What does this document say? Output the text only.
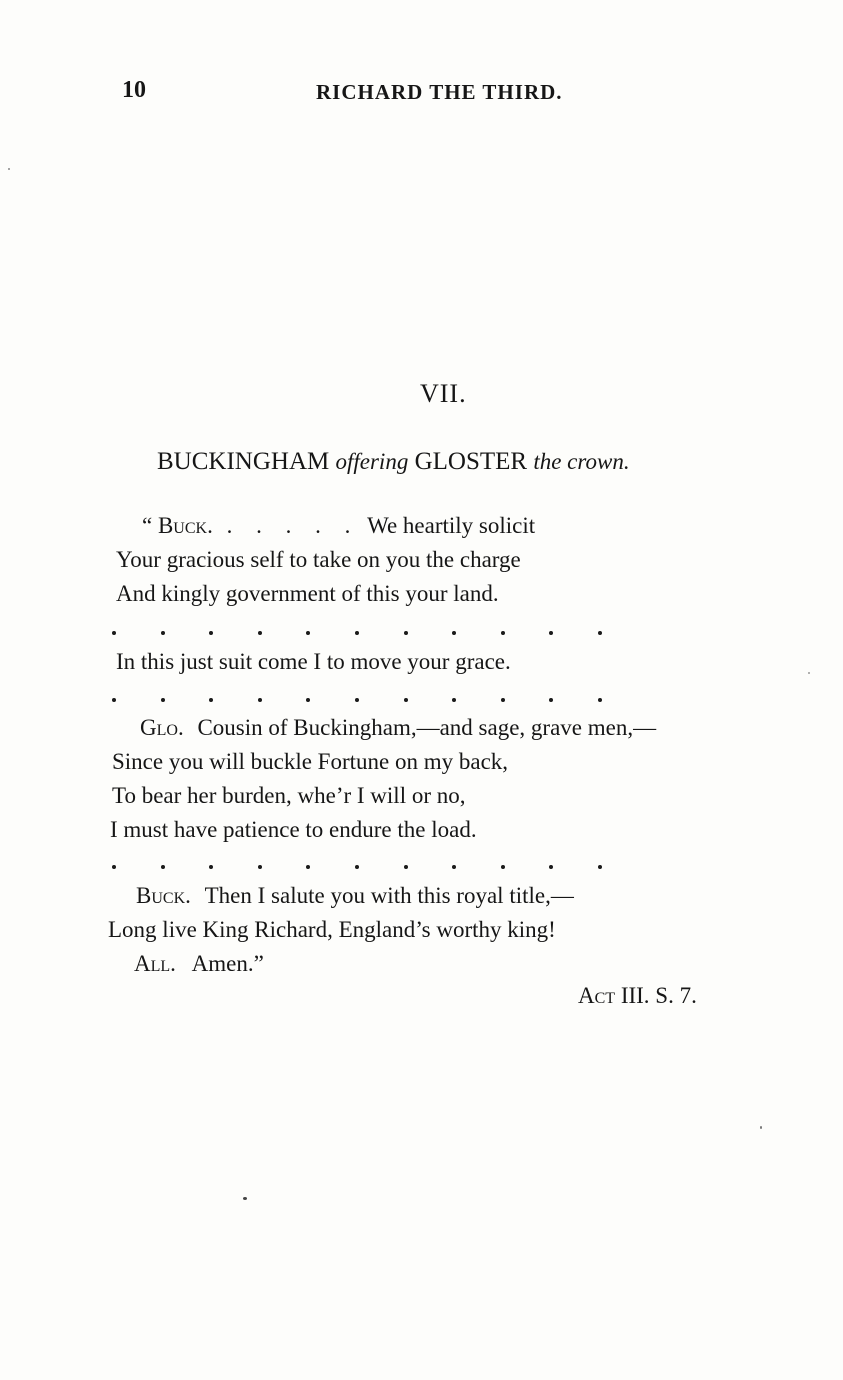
10	RICHARD THE THIRD.
VII.
BUCKINGHAM offering GLOSTER the crown.
“ Buck. . . . . . We heartily solicit
Your gracious self to take on you the charge
And kingly government of this your land.
In this just suit come I to move your grace.
Glo. Cousin of Buckingham,—and sage, grave men,—
Since you will buckle Fortune on my back,
To bear her burden, whe’r I will or no,
I must have patience to endure the load.
Buck. Then I salute you with this royal title,—
Long live King Richard, England’s worthy king!
All. Amen.”
Act III. S. 7.
